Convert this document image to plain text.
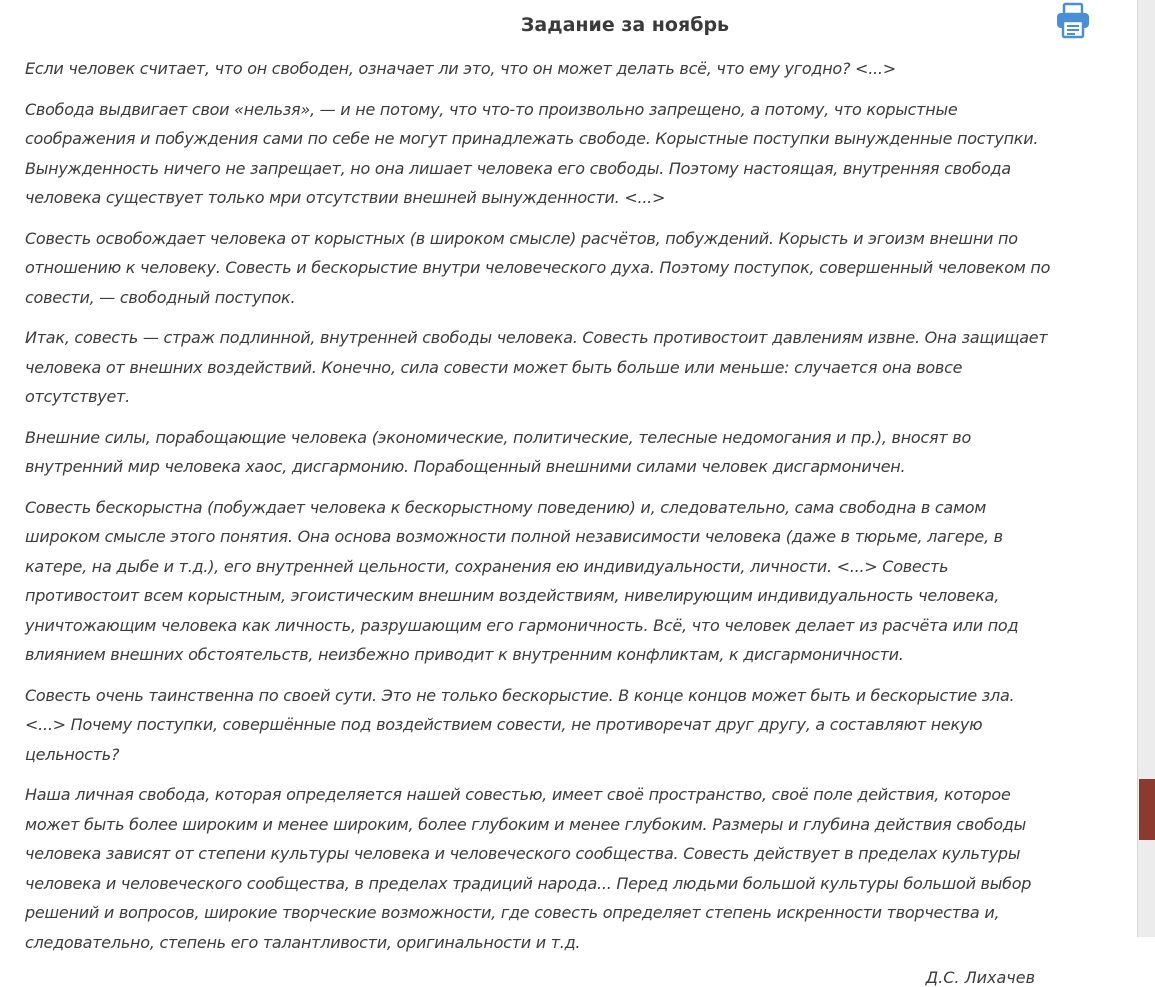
Задание за ноябрь

Если человек считает, что он свободен, означает ли это, что он может делать всё, что ему угодно? <...>

Свобода выдвигает свои «нельзя», — и не потому, что что-то произвольно запрещено, а потому, что корыстные соображения и побуждения сами по себе не могут принадлежать свободе. Корыстные поступки вынужденные поступки. Вынужденность ничего не запрещает, но она лишает человека его свободы. Поэтому настоящая, внутренняя свобода человека существует только мри отсутствии внешней вынужденности. <...>

Совесть освобождает человека от корыстных (в широком смысле) расчётов, побуждений. Корысть и эгоизм внешни по отношению к человеку. Совесть и бескорыстие внутри человеческого духа. Поэтому поступок, совершенный человеком по совести, — свободный поступок.

Итак, совесть — страж подлинной, внутренней свободы человека. Совесть противостоит давлениям извне. Она защищает человека от внешних воздействий. Конечно, сила совести может быть больше или меньше: случается она вовсе отсутствует.

Внешние силы, порабощающие человека (экономические, политические, телесные недомогания и пр.), вносят во внутренний мир человека хаос, дисгармонию. Порабощенный внешними силами человек дисгармоничен.

Совесть бескорыстна (побуждает человека к бескорыстному поведению) и, следовательно, сама свободна в самом широком смысле этого понятия. Она основа возможности полной независимости человека (даже в тюрьме, лагере, в катере, на дыбе и т.д.), его внутренней цельности, сохранения ею индивидуальности, личности. <...> Совесть противостоит всем корыстным, эгоистическим внешним воздействиям, нивелирующим индивидуальность человека, уничтожающим человека как личность, разрушающим его гармоничность. Всё, что человек делает из расчёта или под влиянием внешних обстоятельств, неизбежно приводит к внутренним конфликтам, к дисгармоничности.

Совесть очень таинственна по своей сути. Это не только бескорыстие. В конце концов может быть и бескорыстие зла. <...> Почему поступки, совершённые под воздействием совести, не противоречат друг другу, а составляют некую цельность?

Наша личная свобода, которая определяется нашей совестью, имеет своё пространство, своё поле действия, которое может быть более широким и менее широким, более глубоким и менее глубоким. Размеры и глубина действия свободы человека зависят от степени культуры человека и человеческого сообщества. Совесть действует в пределах культуры человека и человеческого сообщества, в пределах традиций народа... Перед людьми большой культуры большой выбор решений и вопросов, широкие творческие возможности, где совесть определяет степень искренности творчества и, следовательно, степень его талантливости, оригинальности и т.д.

Д.С. Лихачев
